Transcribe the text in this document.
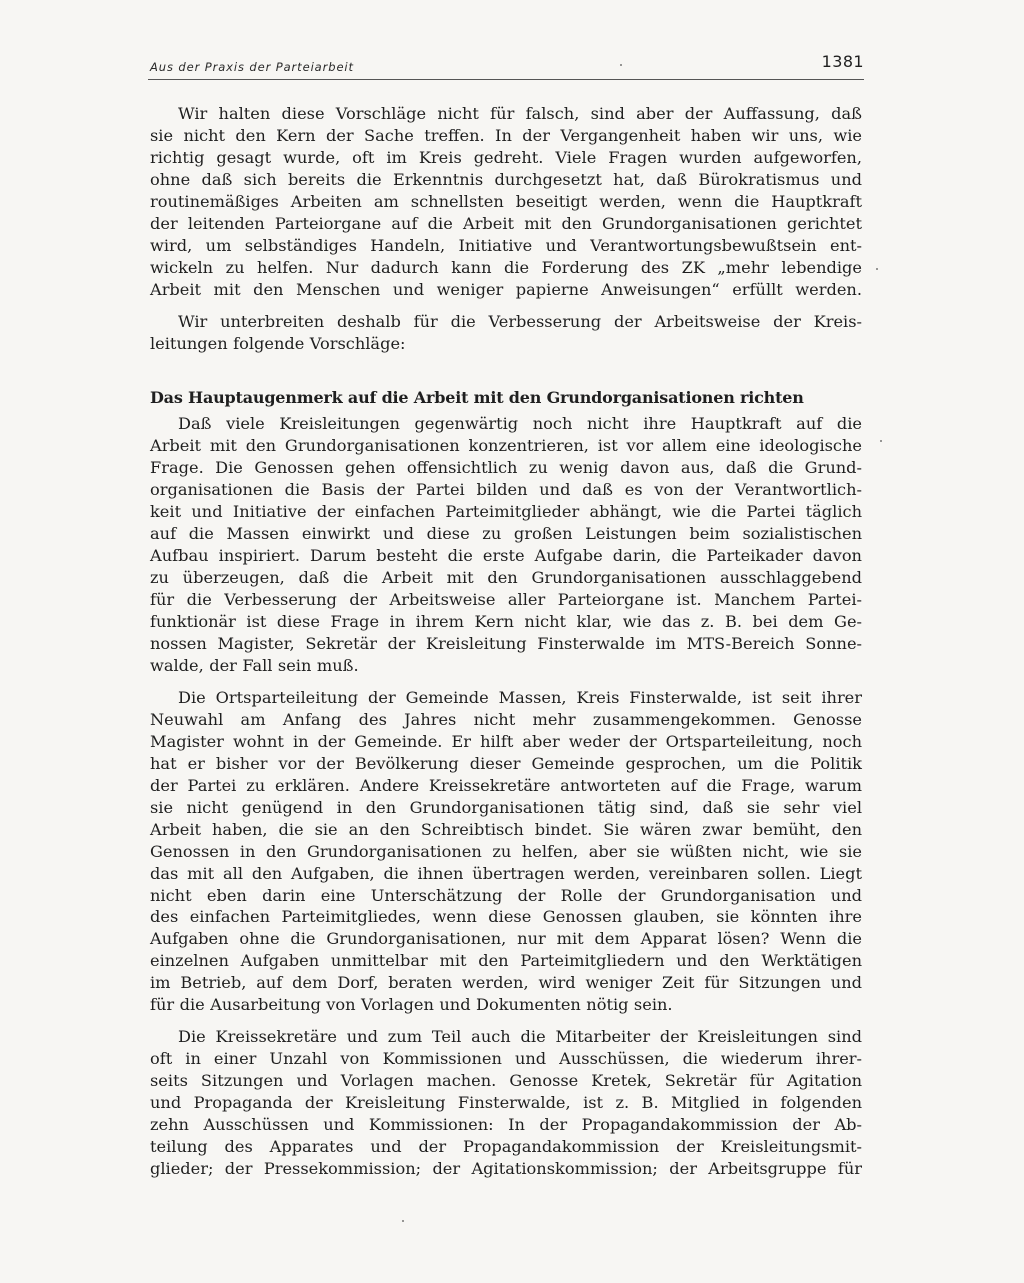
Aus der Praxis der Parteiarbeit	1381

Wir halten diese Vorschläge nicht für falsch, sind aber der Auffassung, daß
sie nicht den Kern der Sache treffen. In der Vergangenheit haben wir uns, wie
richtig gesagt wurde, oft im Kreis gedreht. Viele Fragen wurden aufgeworfen,
ohne daß sich bereits die Erkenntnis durchgesetzt hat, daß Bürokratismus und
routinemäßiges Arbeiten am schnellsten beseitigt werden, wenn die Hauptkraft
der leitenden Parteiorgane auf die Arbeit mit den Grundorganisationen gerichtet
wird, um selbständiges Handeln, Initiative und Verantwortungsbewußtsein ent-
wickeln zu helfen. Nur dadurch kann die Forderung des ZK „mehr lebendige
Arbeit mit den Menschen und weniger papierne Anweisungen“ erfüllt werden.

Wir unterbreiten deshalb für die Verbesserung der Arbeitsweise der Kreis-
leitungen folgende Vorschläge:

Das Hauptaugenmerk auf die Arbeit mit den Grundorganisationen richten

Daß viele Kreisleitungen gegenwärtig noch nicht ihre Hauptkraft auf die
Arbeit mit den Grundorganisationen konzentrieren, ist vor allem eine ideologische
Frage. Die Genossen gehen offensichtlich zu wenig davon aus, daß die Grund-
organisationen die Basis der Partei bilden und daß es von der Verantwortlich-
keit und Initiative der einfachen Parteimitglieder abhängt, wie die Partei täglich
auf die Massen einwirkt und diese zu großen Leistungen beim sozialistischen
Aufbau inspiriert. Darum besteht die erste Aufgabe darin, die Parteikader davon
zu überzeugen, daß die Arbeit mit den Grundorganisationen ausschlaggebend
für die Verbesserung der Arbeitsweise aller Parteiorgane ist. Manchem Partei-
funktionär ist diese Frage in ihrem Kern nicht klar, wie das z. B. bei dem Ge-
nossen Magister, Sekretär der Kreisleitung Finsterwalde im MTS-Bereich Sonne-
walde, der Fall sein muß.

Die Ortsparteileitung der Gemeinde Massen, Kreis Finsterwalde, ist seit ihrer
Neuwahl am Anfang des Jahres nicht mehr zusammengekommen. Genosse
Magister wohnt in der Gemeinde. Er hilft aber weder der Ortsparteileitung, noch
hat er bisher vor der Bevölkerung dieser Gemeinde gesprochen, um die Politik
der Partei zu erklären. Andere Kreissekretäre antworteten auf die Frage, warum
sie nicht genügend in den Grundorganisationen tätig sind, daß sie sehr viel
Arbeit haben, die sie an den Schreibtisch bindet. Sie wären zwar bemüht, den
Genossen in den Grundorganisationen zu helfen, aber sie wüßten nicht, wie sie
das mit all den Aufgaben, die ihnen übertragen werden, vereinbaren sollen. Liegt
nicht eben darin eine Unterschätzung der Rolle der Grundorganisation und
des einfachen Parteimitgliedes, wenn diese Genossen glauben, sie könnten ihre
Aufgaben ohne die Grundorganisationen, nur mit dem Apparat lösen? Wenn die
einzelnen Aufgaben unmittelbar mit den Parteimitgliedern und den Werktätigen
im Betrieb, auf dem Dorf, beraten werden, wird weniger Zeit für Sitzungen und
für die Ausarbeitung von Vorlagen und Dokumenten nötig sein.

Die Kreissekretäre und zum Teil auch die Mitarbeiter der Kreisleitungen sind
oft in einer Unzahl von Kommissionen und Ausschüssen, die wiederum ihrer-
seits Sitzungen und Vorlagen machen. Genosse Kretek, Sekretär für Agitation
und Propaganda der Kreisleitung Finsterwalde, ist z. B. Mitglied in folgenden
zehn Ausschüssen und Kommissionen: In der Propagandakommission der Ab-
teilung des Apparates und der Propagandakommission der Kreisleitungsmit-
glieder; der Pressekommission; der Agitationskommission; der Arbeitsgruppe für
